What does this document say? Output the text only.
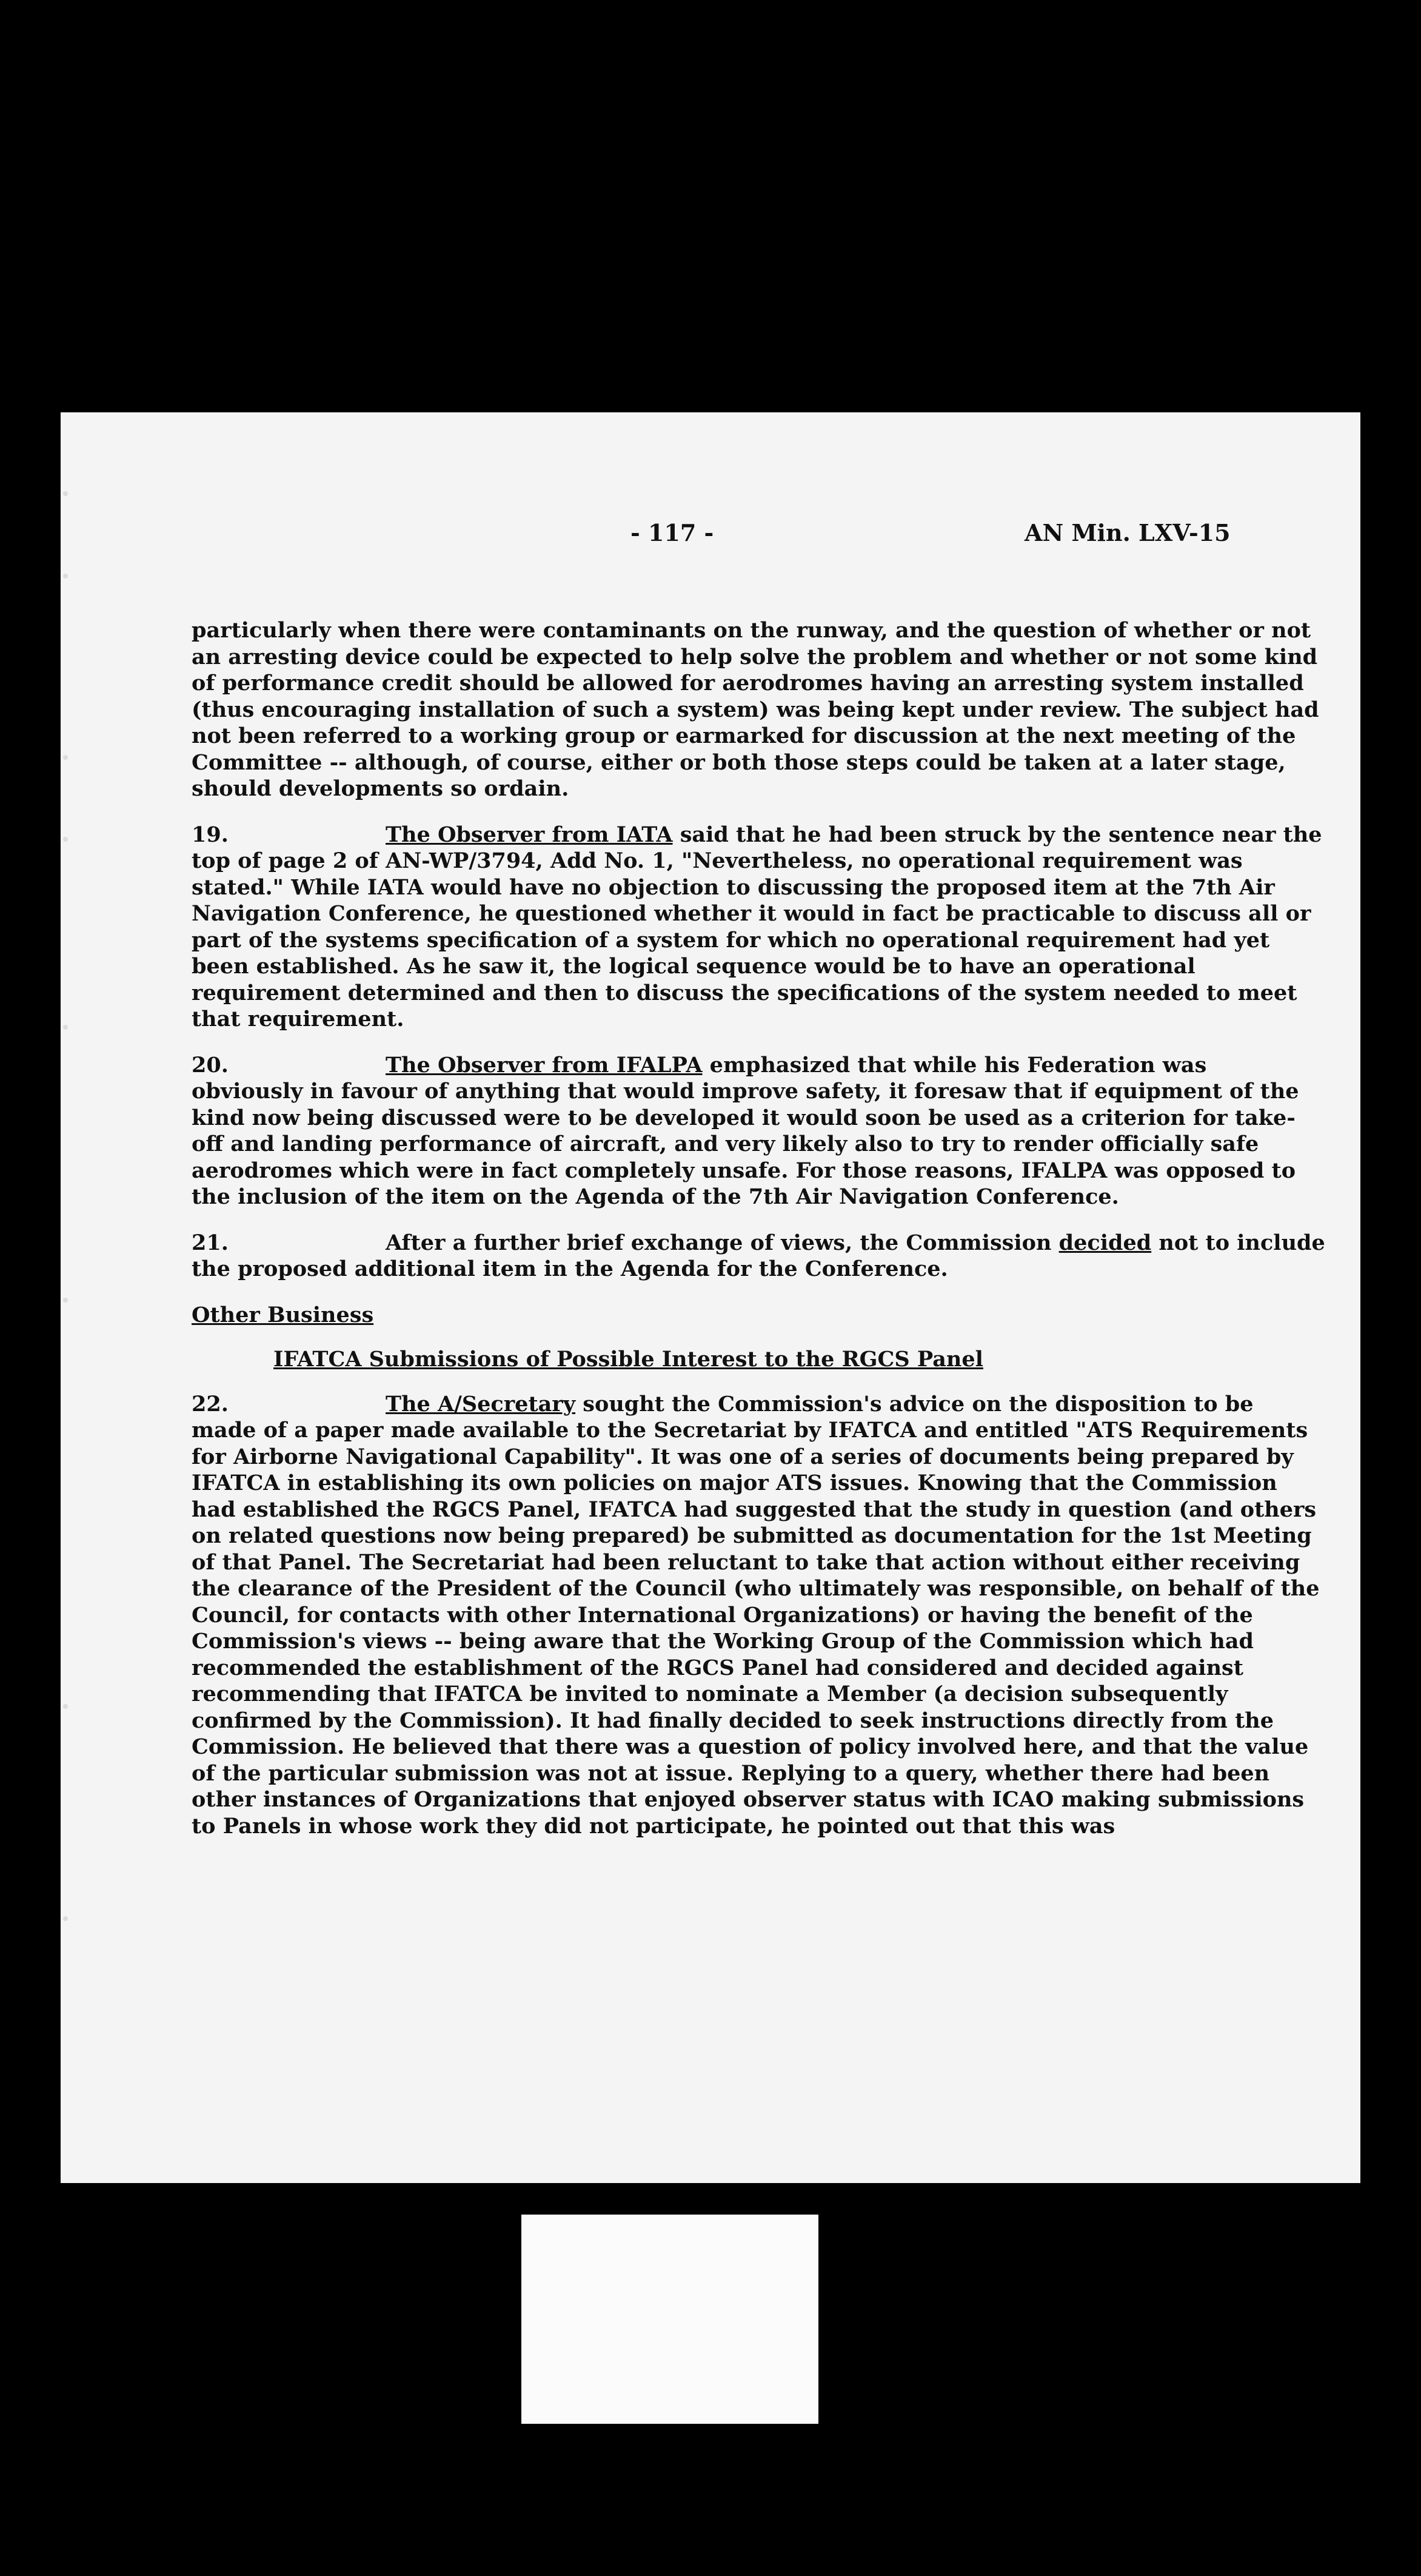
- 117 -	AN Min. LXV-15

particularly when there were contaminants on the runway, and the question of whether or not an arresting device could be expected to help solve the problem and whether or not some kind of performance credit should be allowed for aerodromes having an arresting system installed (thus encouraging installation of such a system) was being kept under review. The subject had not been referred to a working group or earmarked for discussion at the next meeting of the Committee -- although, of course, either or both those steps could be taken at a later stage, should developments so ordain.

19.	The Observer from IATA said that he had been struck by the sentence near the top of page 2 of AN-WP/3794, Add No. 1, "Nevertheless, no operational requirement was stated." While IATA would have no objection to discussing the proposed item at the 7th Air Navigation Conference, he questioned whether it would in fact be practicable to discuss all or part of the systems specification of a system for which no operational requirement had yet been established. As he saw it, the logical sequence would be to have an operational requirement determined and then to discuss the specifications of the system needed to meet that requirement.

20.	The Observer from IFALPA emphasized that while his Federation was obviously in favour of anything that would improve safety, it foresaw that if equipment of the kind now being discussed were to be developed it would soon be used as a criterion for take-off and landing performance of aircraft, and very likely also to try to render officially safe aerodromes which were in fact completely unsafe. For those reasons, IFALPA was opposed to the inclusion of the item on the Agenda of the 7th Air Navigation Conference.

21.	After a further brief exchange of views, the Commission decided not to include the proposed additional item in the Agenda for the Conference.

Other Business
IFATCA Submissions of Possible Interest to the RGCS Panel

22.	The A/Secretary sought the Commission's advice on the disposition to be made of a paper made available to the Secretariat by IFATCA and entitled "ATS Requirements for Airborne Navigational Capability". It was one of a series of documents being prepared by IFATCA in establishing its own policies on major ATS issues. Knowing that the Commission had established the RGCS Panel, IFATCA had suggested that the study in question (and others on related questions now being prepared) be submitted as documentation for the 1st Meeting of that Panel. The Secretariat had been reluctant to take that action without either receiving the clearance of the President of the Council (who ultimately was responsible, on behalf of the Council, for contacts with other International Organizations) or having the benefit of the Commission's views -- being aware that the Working Group of the Commission which had recommended the establishment of the RGCS Panel had considered and decided against recommending that IFATCA be invited to nominate a Member (a decision subsequently confirmed by the Commission). It had finally decided to seek instructions directly from the Commission. He believed that there was a question of policy involved here, and that the value of the particular submission was not at issue. Replying to a query, whether there had been other instances of Organizations that enjoyed observer status with ICAO making submissions to Panels in whose work they did not participate, he pointed out that this was
